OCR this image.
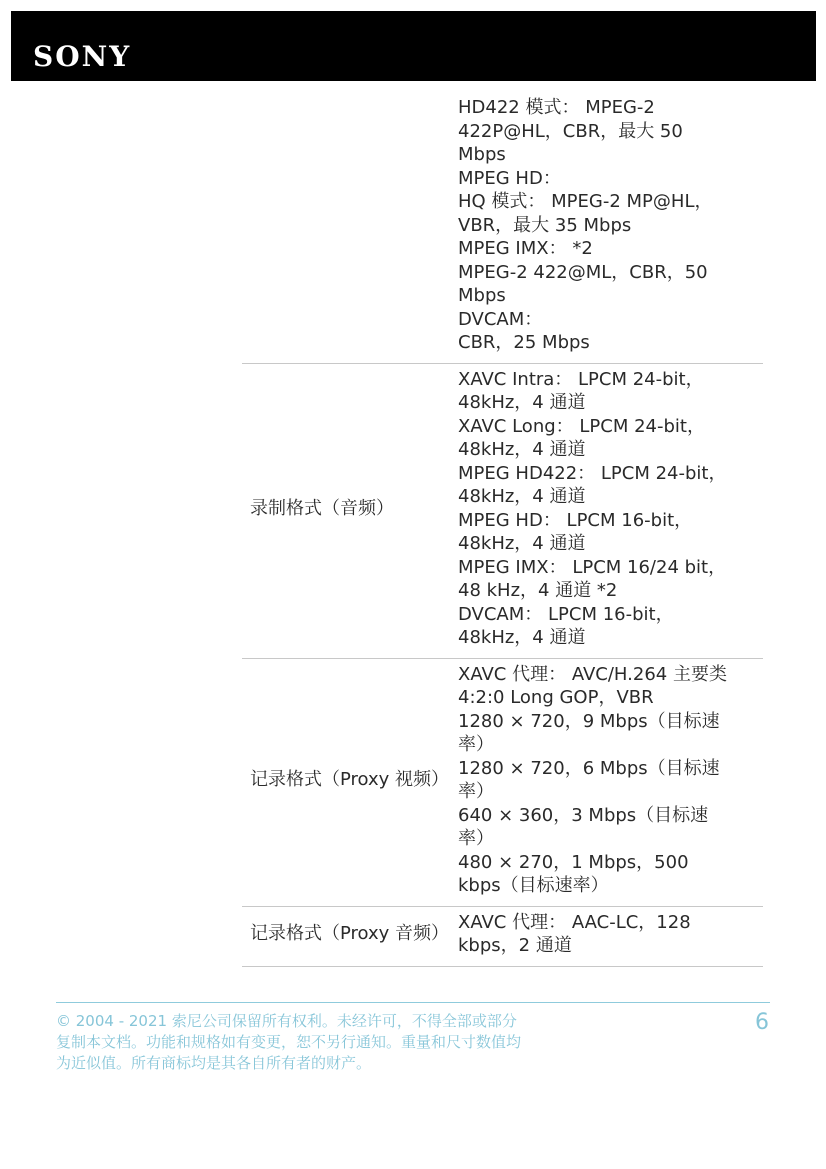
SONY
HD422 模式： MPEG-2
422P@HL，CBR，最大 50
Mbps
MPEG HD：
HQ 模式： MPEG-2 MP@HL，
VBR，最大 35 Mbps
MPEG IMX： *2
MPEG-2 422@ML，CBR，50
Mbps
DVCAM：
CBR，25 Mbps
录制格式（音频）
XAVC Intra： LPCM 24-bit，
48kHz，4 通道
XAVC Long： LPCM 24-bit，
48kHz，4 通道
MPEG HD422： LPCM 24-bit，
48kHz，4 通道
MPEG HD： LPCM 16-bit，
48kHz，4 通道
MPEG IMX： LPCM 16/24 bit，
48 kHz，4 通道 *2
DVCAM： LPCM 16-bit，
48kHz，4 通道
记录格式（Proxy 视频）
XAVC 代理： AVC/H.264 主要类
4:2:0 Long GOP，VBR
1280 × 720，9 Mbps（目标速
率）
1280 × 720，6 Mbps（目标速
率）
640 × 360，3 Mbps（目标速
率）
480 × 270，1 Mbps，500
kbps（目标速率）
记录格式（Proxy 音频）
XAVC 代理： AAC-LC，128
kbps，2 通道
© 2004 - 2021 索尼公司保留所有权利。未经许可，不得全部或部分
复制本文档。功能和规格如有变更，恕不另行通知。重量和尺寸数值均
为近似值。所有商标均是其各自所有者的财产。
6
